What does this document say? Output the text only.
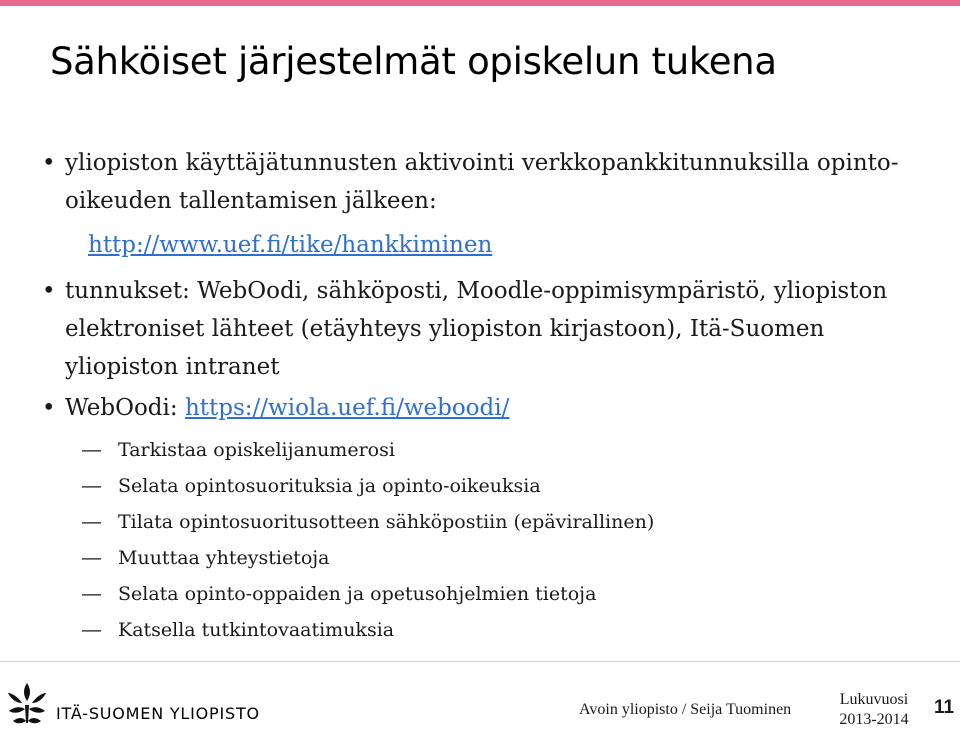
Sähköiset järjestelmät opiskelun tukena
• yliopiston käyttäjätunnusten aktivointi verkkopankkitunnuksilla opinto-oikeuden tallentamisen jälkeen:
http://www.uef.fi/tike/hankkiminen
• tunnukset: WebOodi, sähköposti, Moodle-oppimisympäristö, yliopiston elektroniset lähteet (etäyhteys yliopiston kirjastoon), Itä-Suomen yliopiston intranet
• WebOodi: https://wiola.uef.fi/weboodi/
— Tarkistaa opiskelijanumerosi
— Selata opintosuorituksia ja opinto-oikeuksia
— Tilata opintosuoritusotteen sähköpostiin (epävirallinen)
— Muuttaa yhteystietoja
— Selata opinto-oppaiden ja opetusohjelmien tietoja
— Katsella tutkintovaatimuksia
ITÄ-SUOMEN YLIOPISTO	Avoin yliopisto / Seija Tuominen
Lukuvuosi
2013-2014
11
